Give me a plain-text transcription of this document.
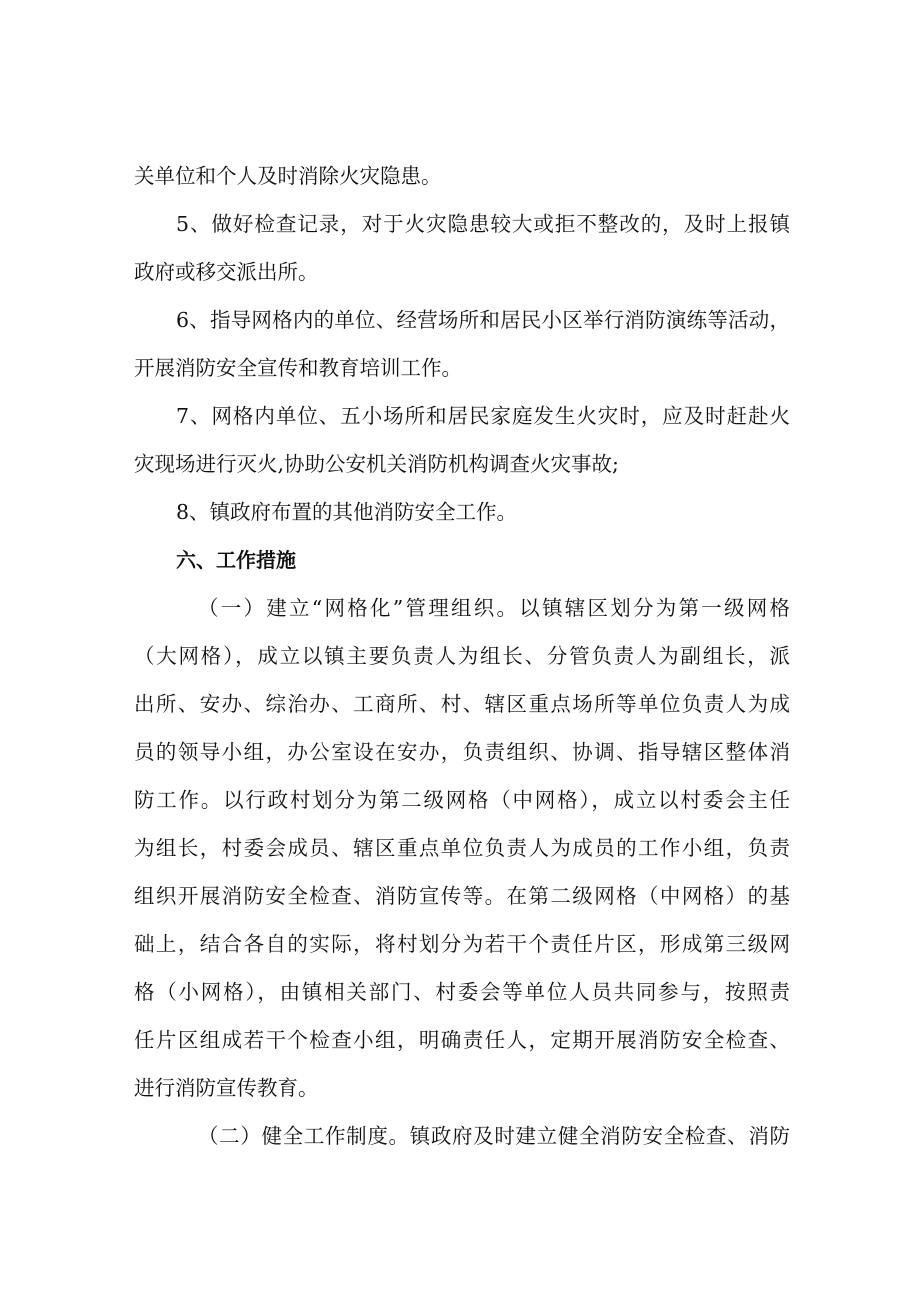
关单位和个人及时消除火灾隐患。
5、做好检查记录，对于火灾隐患较大或拒不整改的，及时上报镇
政府或移交派出所。
6、指导网格内的单位、经营场所和居民小区举行消防演练等活动，
开展消防安全宣传和教育培训工作。
7、网格内单位、五小场所和居民家庭发生火灾时，应及时赶赴火
灾现场进行灭火,协助公安机关消防机构调查火灾事故;
8、镇政府布置的其他消防安全工作。
六、工作措施
（一）建立“网格化”管理组织。以镇辖区划分为第一级网格
（大网格），成立以镇主要负责人为组长、分管负责人为副组长，派
出所、安办、综治办、工商所、村、辖区重点场所等单位负责人为成
员的领导小组，办公室设在安办，负责组织、协调、指导辖区整体消
防工作。以行政村划分为第二级网格（中网格），成立以村委会主任
为组长，村委会成员、辖区重点单位负责人为成员的工作小组，负责
组织开展消防安全检查、消防宣传等。在第二级网格（中网格）的基
础上，结合各自的实际，将村划分为若干个责任片区，形成第三级网
格（小网格），由镇相关部门、村委会等单位人员共同参与，按照责
任片区组成若干个检查小组，明确责任人，定期开展消防安全检查、
进行消防宣传教育。
（二）健全工作制度。镇政府及时建立健全消防安全检查、消防
